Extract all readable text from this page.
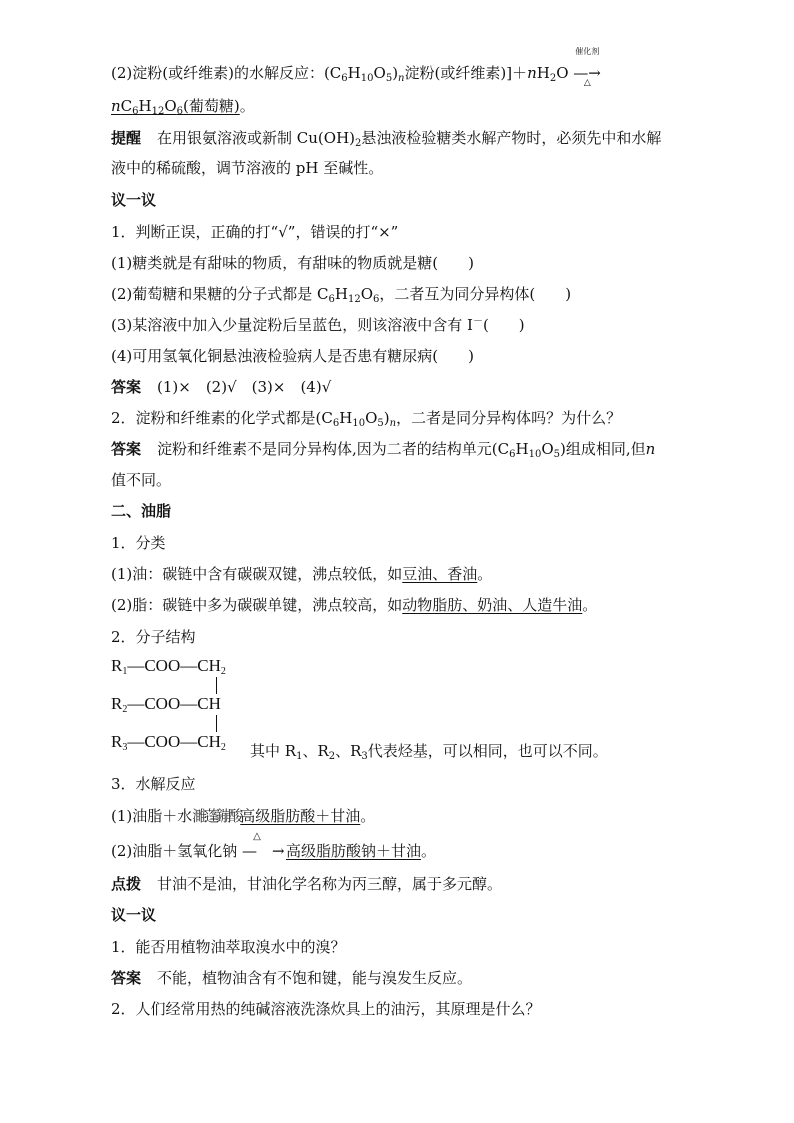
(2)淀粉(或纤维素)的水解反应：$(C_6H_{10}O_5)_n$淀粉(或纤维素)]$+nH_2O$
催化剂
—
△
→
$nC_6H_{12}O_6$(葡萄糖)。
提醒 在用银氨溶液或新制 $Cu(OH)_2$悬浊液检验糖类水解产物时，必须先中和水解
液中的稀硫酸，调节溶液的 pH 至碱性。
议一议
1．判断正误，正确的打“√”，错误的打“×”
(1)糖类就是有甜味的物质，有甜味的物质就是糖(　　)
(2)葡萄糖和果糖的分子式都是 $C_6H_{12}O_6$，二者互为同分异构体(　　)
(3)某溶液中加入少量淀粉后呈蓝色，则该溶液中含有 I－(　　)
(4)可用氢氧化铜悬浊液检验病人是否患有糖尿病(　　)
答案 (1)×　(2)√　(3)×　(4)√
2．淀粉和纤维素的化学式都是$(C_6H_{10}O_5)_n$，二者是同分异构体吗？为什么？
答案 淀粉和纤维素不是同分异构体,因为二者的结构单元$(C_6H_{10}O_5)$组成相同,但n
值不同。
二、油脂
1．分类
(1)油：碳链中含有碳碳双键，沸点较低，如豆油、香油。
(2)脂：碳链中多为碳碳单键，沸点较高，如动物脂肪、奶油、人造牛油。
2．分子结构
$R_1—COO—CH_2$
$R_2—COO—CH$
$R_3—COO—CH_2$ 其中 $R_1$、$R_2$、$R_3$代表烃基，可以相同，也可以不同。
3．水解反应
(1)油脂＋水濉蓬鏰酸高级脂肪酸＋甘油。
(2)油脂＋氢氧化钠
△
—　→高级脂肪酸钠＋甘油。
点拨 甘油不是油，甘油化学名称为丙三醇，属于多元醇。
议一议
1．能否用植物油萃取溴水中的溴？
答案 不能，植物油含有不饱和键，能与溴发生反应。
2．人们经常用热的纯碱溶液洗涤炊具上的油污，其原理是什么？
